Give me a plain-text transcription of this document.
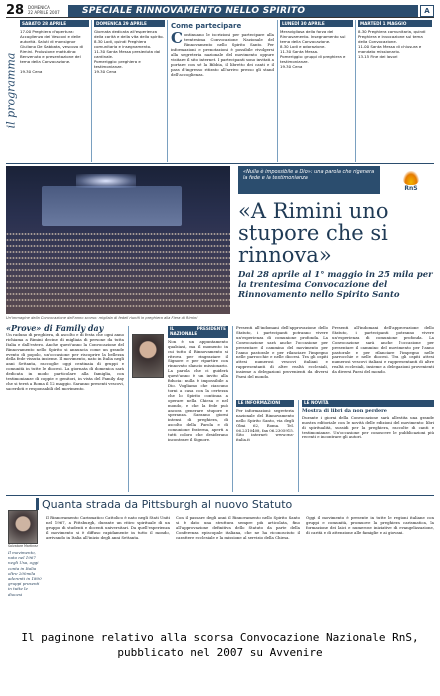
28 DOMENICA
22 APRILE 2007	SPECIALE RINNOVAMENTO NELLO SPIRITO	A
il programma
SABATO 28 APRILE
17.00 Preghiera d'apertura: Accoglienza dei Vescovi e delle autorità. Saluti di monsignor Giuliano De Sabbata, vescovo di Rimini. Prolusione mattutina: Benvenuto e presentazione del tema della Convocazione.

19.30 Cena
DOMENICA 29 APRILE
Giornata dedicata all'esperienza della carità e della vita dello spirito.
8.30 Lodi, quindi Preghiera comunitaria e insegnamento.
11.30 Santa Messa presieduta dal cardinale.
Pomeriggio: preghiera e testimonianze.
19.30 Cena
Come partecipare
Continuano le iscrizioni per partecipare alla trentesima Convocazione Nazionale del Rinnovamento nello Spirito Santo. Per informazioni e prenotazioni è possibile rivolgersi alla segreteria nazionale del movimento oppure visitare il sito internet. I partecipanti sono invitati a portare con sé la Bibbia, il libretto dei canti e il pass d'ingresso ritirato all'arrivo presso gli stand dell'accoglienza.
LUNEDÌ 30 APRILE
Meravigliosa della forza del Rinnovamento. Insegnamento sul tema della Convocazione.
8.30 Lodi e adorazione.
11.30 Santa Messa.
Pomeriggio: gruppi di preghiera e testimonianze.
19.30 Cena
MARTEDÌ 1 MAGGIO
8.30 Preghiera comunitaria, quindi Preghiera e invocazione sul tema della Convocazione.
11.00 Santa Messa di chiusura e mandato missionario.
13.15 Fine dei lavori
Un'immagine della Convocazione dell'anno scorso: migliaia di fedeli riuniti in preghiera alla Fiera di Rimini
«Nulla è impossibile a Dio»: una parola che rigenera la fede e la testimonianza
RnS
«A Rimini uno stupore che si rinnova»
Dal 28 aprile al 1° maggio in 25 mila per la trentesima Convocazione del Rinnovamento nello Spirito Santo
«Prove» di Family day
Un raduno di preghiera, di ascolto e di festa che ogni anno richiama a Rimini decine di migliaia di persone da tutta Italia e dall'estero. Anche quest'anno la Convocazione del Rinnovamento nello Spirito si annuncia come un grande evento di popolo, un'occasione per riscoprire la bellezza della fede vissuta insieme. Il movimento, nato in Italia negli anni Settanta, raccoglie oggi centinaia di gruppi e comunità in tutte le diocesi. La giornata di domenica sarà dedicata in modo particolare alla famiglia, con testimonianze di coppie e genitori, in vista del Family day che si terrà a Roma il 12 maggio. Saranno presenti vescovi, sacerdoti e responsabili del movimento.
IL PRESIDENTE NAZIONALE
Non è un appuntamento qualsiasi, ma il momento in cui tutto il Rinnovamento si ritrova per ringraziare il Signore e per ripartire con rinnovato slancio missionario. La parola che ci guiderà quest'anno è un invito alla fiducia: nulla è impossibile a Dio. Vogliamo che ciascuno torni a casa con la certezza che lo Spirito continua a operare nella Chiesa e nel mondo, e che la fede può ancora generare stupore e speranza. Saranno giorni intensi di preghiera, di ascolto della Parola e di comunione fraterna, aperti a tutti coloro che desiderano incontrare il Signore.
Presenti all'indomani dell'approvazione dello Statuto, i partecipanti potranno vivere un'esperienza di comunione profonda. La Convocazione sarà anche l'occasione per presentare il cammino del movimento per l'anno pastorale e per rilanciare l'impegno nelle parrocchie e nelle diocesi. Tra gli ospiti attesi numerosi vescovi italiani e rappresentanti di altre realtà ecclesiali, insieme a delegazioni provenienti da diversi Paesi del mondo.
Presenti all'indomani dell'approvazione dello Statuto, i partecipanti potranno vivere un'esperienza di comunione profonda. La Convocazione sarà anche l'occasione per presentare il cammino del movimento per l'anno pastorale e per rilanciare l'impegno nelle parrocchie e nelle diocesi. Tra gli ospiti attesi numerosi vescovi italiani e rappresentanti di altre realtà ecclesiali, insieme a delegazioni provenienti da diversi Paesi del mondo.
LE INFORMAZIONI
Per informazioni: segreteria nazionale del Rinnovamento nello Spirito Santo, via degli Olmi 62, Roma. Tel. 06.2310408, fax 06.2305915. Sito internet: www.rns-italia.it
LE NOVITÀ
Mostra di libri da non perdere
Durante i giorni della Convocazione sarà allestita una grande mostra editoriale con le novità delle edizioni del movimento: libri di spiritualità, sussidi per la preghiera, raccolte di canti e testimonianze. Un'occasione per conoscere le pubblicazioni più recenti e incontrare gli autori.
Quanta strada da Pittsburgh al nuovo Statuto
Salvatore Martinez
Il movimento, nato nel 1967 negli Usa, oggi conta in Italia oltre 200mila aderenti in 1800 gruppi presenti in tutte le diocesi
Il Rinnovamento Carismatico Cattolico è nato negli Stati Uniti nel 1967, a Pittsburgh, durante un ritiro spirituale di un gruppo di studenti e docenti universitari. Da quell'esperienza il movimento si è diffuso rapidamente in tutto il mondo, arrivando in Italia all'inizio degli anni Settanta.
Con il passare degli anni il Rinnovamento nello Spirito Santo si è dato una struttura sempre più articolata, fino all'approvazione definitiva dello Statuto da parte della Conferenza episcopale italiana, che ne ha riconosciuto il carattere ecclesiale e la missione al servizio della Chiesa.
Oggi il movimento è presente in tutte le regioni italiane con gruppi e comunità, promuove la preghiera carismatica, la formazione dei laici e numerose iniziative di evangelizzazione, di carità e di attenzione alle famiglie e ai giovani.
Il paginone relativo alla scorsa Convocazione Nazionale RnS,
pubblicato nel 2007 su Avvenire
